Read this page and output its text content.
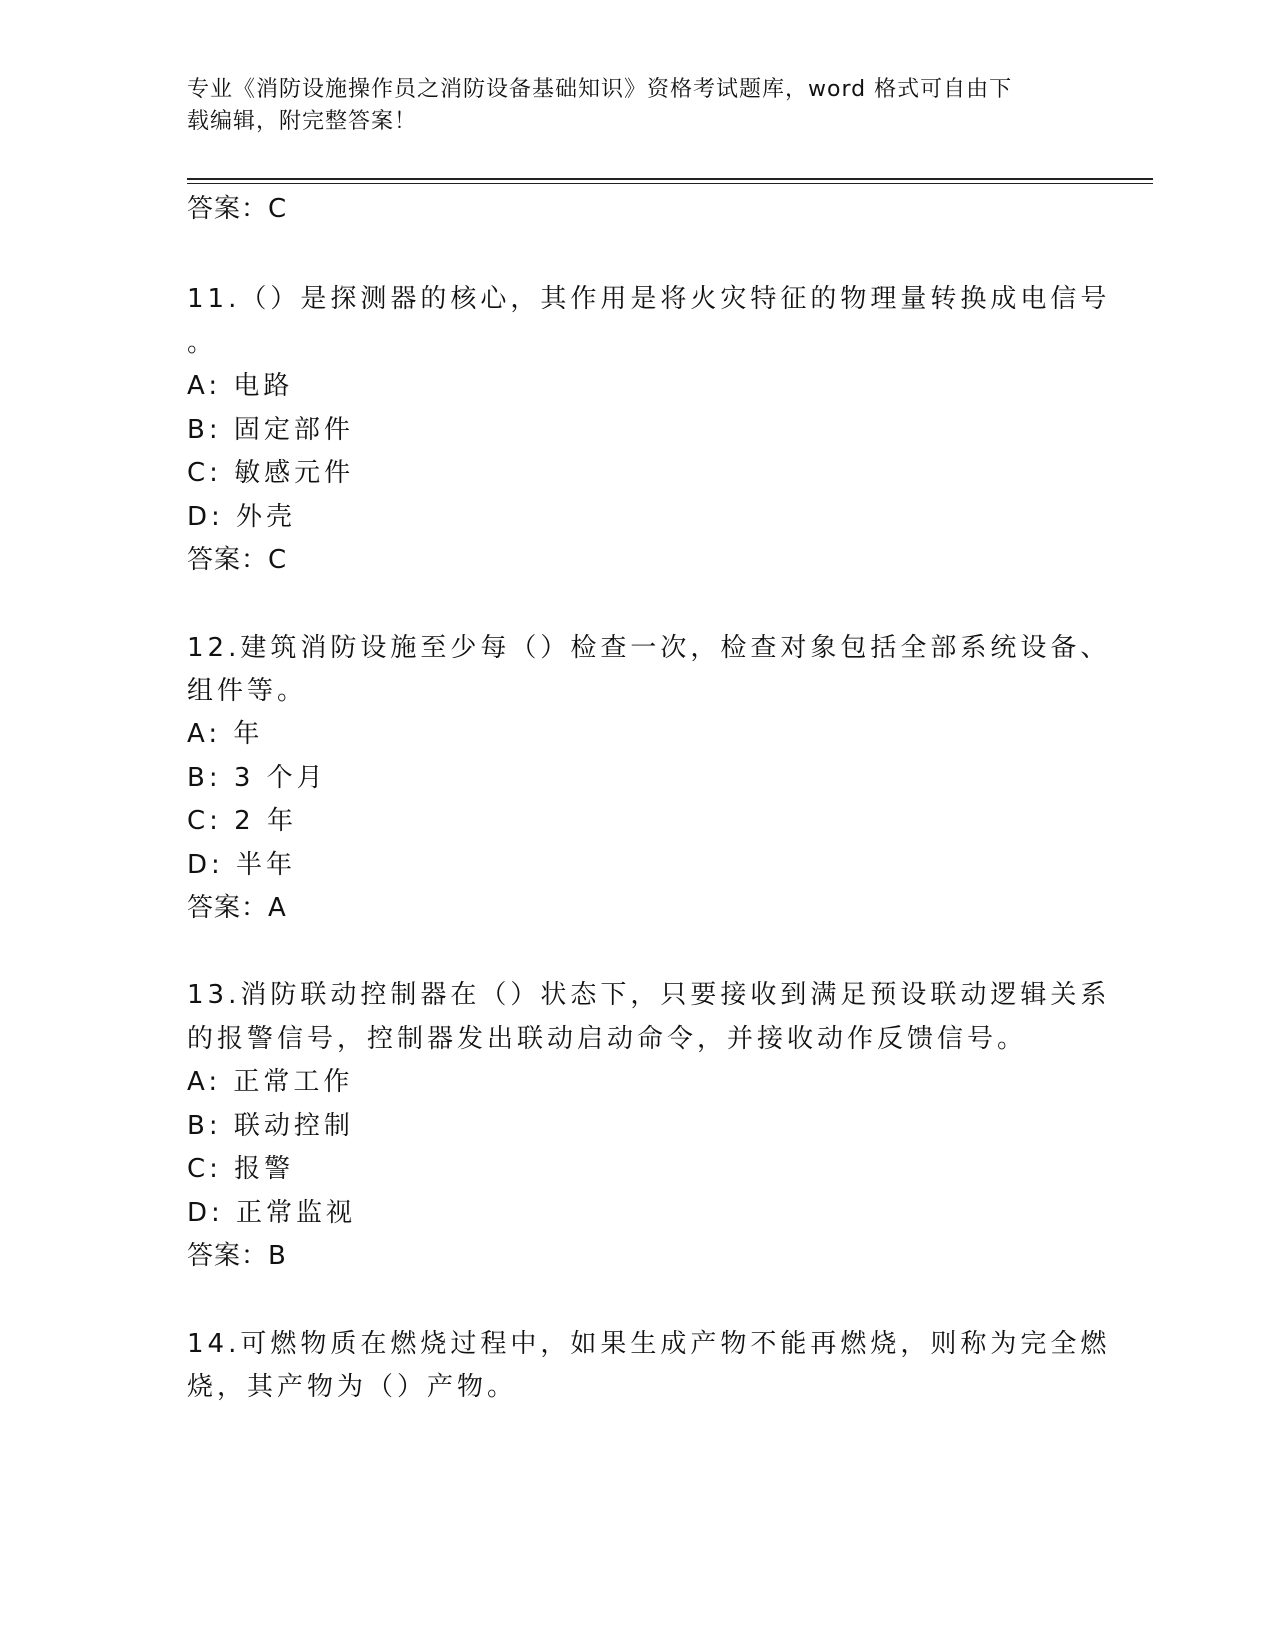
专业《消防设施操作员之消防设备基础知识》资格考试题库，word 格式可自由下
载编辑，附完整答案！
答案：C
11.（）是探测器的核心，其作用是将火灾特征的物理量转换成电信号
。
A: 电路
B: 固定部件
C: 敏感元件
D: 外壳
答案：C
12.建筑消防设施至少每（）检查一次，检查对象包括全部系统设备、
组件等。
A: 年
B: 3 个月
C: 2 年
D: 半年
答案：A
13.消防联动控制器在（）状态下，只要接收到满足预设联动逻辑关系
的报警信号，控制器发出联动启动命令，并接收动作反馈信号。
A: 正常工作
B: 联动控制
C: 报警
D: 正常监视
答案：B
14.可燃物质在燃烧过程中，如果生成产物不能再燃烧，则称为完全燃
烧，其产物为（）产物。
